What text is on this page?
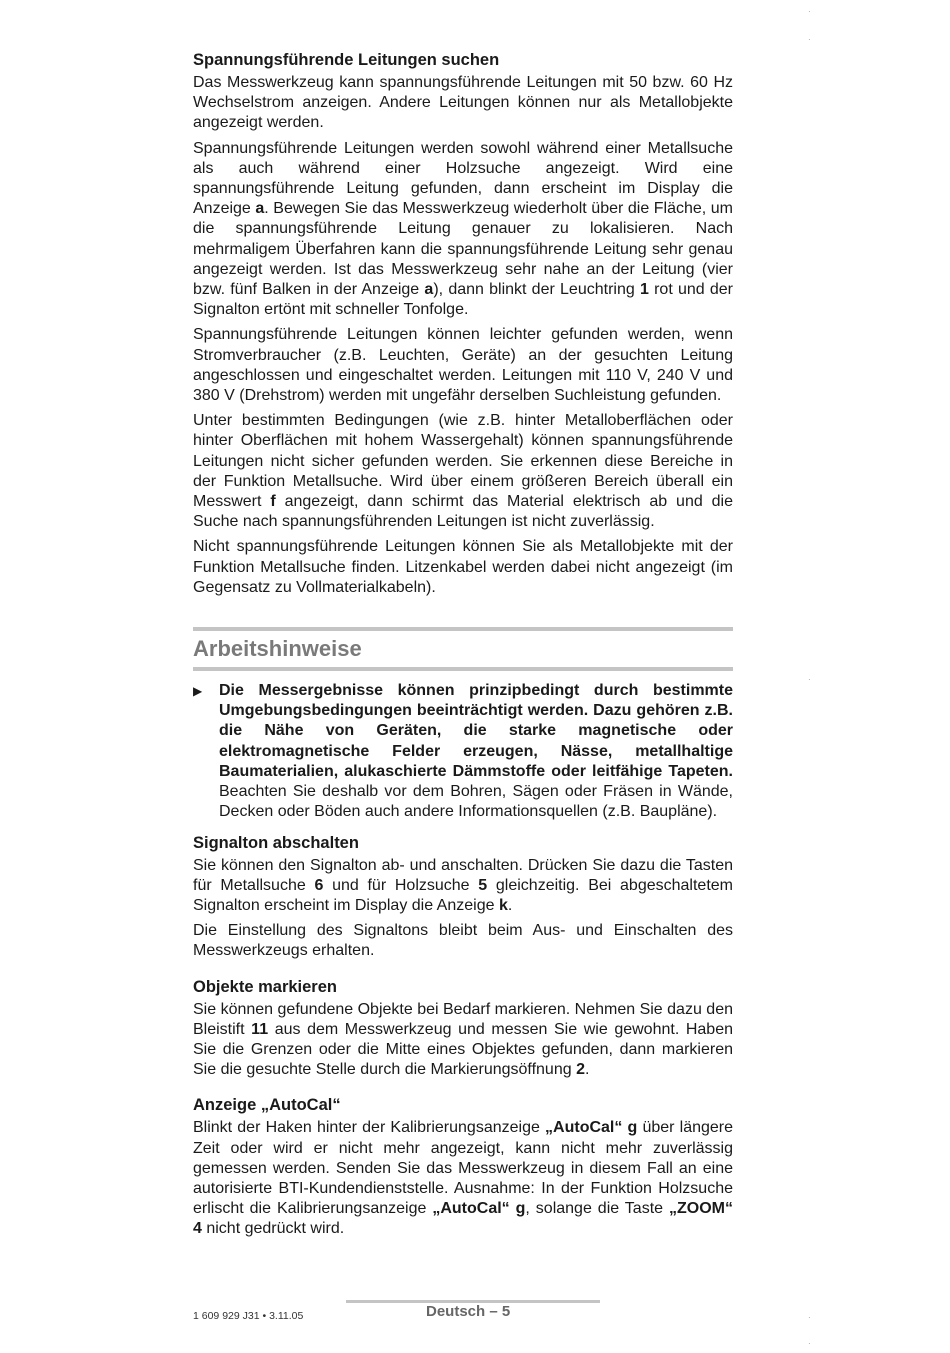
Spannungsführende Leitungen suchen

Das Messwerkzeug kann spannungsführende Leitungen mit 50 bzw. 60 Hz Wechselstrom anzeigen. Andere Leitungen können nur als Metallobjekte angezeigt werden.

Spannungsführende Leitungen werden sowohl während einer Metallsuche als auch während einer Holzsuche angezeigt. Wird eine spannungsführende Leitung gefunden, dann erscheint im Display die Anzeige a. Bewegen Sie das Messwerkzeug wiederholt über die Fläche, um die spannungsführende Leitung genauer zu lokalisieren. Nach mehrmaligem Überfahren kann die spannungsführende Leitung sehr genau angezeigt werden. Ist das Messwerkzeug sehr nahe an der Leitung (vier bzw. fünf Balken in der Anzeige a), dann blinkt der Leuchtring 1 rot und der Signalton ertönt mit schneller Tonfolge.

Spannungsführende Leitungen können leichter gefunden werden, wenn Stromverbraucher (z.B. Leuchten, Geräte) an der gesuchten Leitung angeschlossen und eingeschaltet werden. Leitungen mit 110 V, 240 V und 380 V (Drehstrom) werden mit ungefähr derselben Suchleistung gefunden.

Unter bestimmten Bedingungen (wie z.B. hinter Metalloberflächen oder hinter Oberflächen mit hohem Wassergehalt) können spannungsführende Leitungen nicht sicher gefunden werden. Sie erkennen diese Bereiche in der Funktion Metallsuche. Wird über einem größeren Bereich überall ein Messwert f angezeigt, dann schirmt das Material elektrisch ab und die Suche nach spannungsführenden Leitungen ist nicht zuverlässig.

Nicht spannungsführende Leitungen können Sie als Metallobjekte mit der Funktion Metallsuche finden. Litzenkabel werden dabei nicht angezeigt (im Gegensatz zu Vollmaterialkabeln).

Arbeitshinweise
▶	Die Messergebnisse können prinzipbedingt durch bestimmte Umgebungsbedingungen beeinträchtigt werden. Dazu gehören z.B. die Nähe von Geräten, die starke magnetische oder elektromagnetische Felder erzeugen, Nässe, metallhaltige Baumaterialien, alukaschierte Dämmstoffe oder leitfähige Tapeten. Beachten Sie deshalb vor dem Bohren, Sägen oder Fräsen in Wände, Decken oder Böden auch andere Informationsquellen (z.B. Baupläne).

Signalton abschalten

Sie können den Signalton ab- und anschalten. Drücken Sie dazu die Tasten für Metallsuche 6 und für Holzsuche 5 gleichzeitig. Bei abgeschaltetem Signalton erscheint im Display die Anzeige k.

Die Einstellung des Signaltons bleibt beim Aus- und Einschalten des Messwerkzeugs erhalten.

Objekte markieren

Sie können gefundene Objekte bei Bedarf markieren. Nehmen Sie dazu den Bleistift 11 aus dem Messwerkzeug und messen Sie wie gewohnt. Haben Sie die Grenzen oder die Mitte eines Objektes gefunden, dann markieren Sie die gesuchte Stelle durch die Markierungsöffnung 2.

Anzeige „AutoCal“

Blinkt der Haken hinter der Kalibrierungsanzeige „AutoCal“ g über längere Zeit oder wird er nicht mehr angezeigt, kann nicht mehr zuverlässig gemessen werden. Senden Sie das Messwerkzeug in diesem Fall an eine autorisierte BTI-Kundendienststelle. Ausnahme: In der Funktion Holzsuche erlischt die Kalibrierungsanzeige „AutoCal“ g, solange die Taste „ZOOM“ 4 nicht gedrückt wird.

1 609 929 J31 • 3.11.05	Deutsch – 5
·
·
·
·
·
